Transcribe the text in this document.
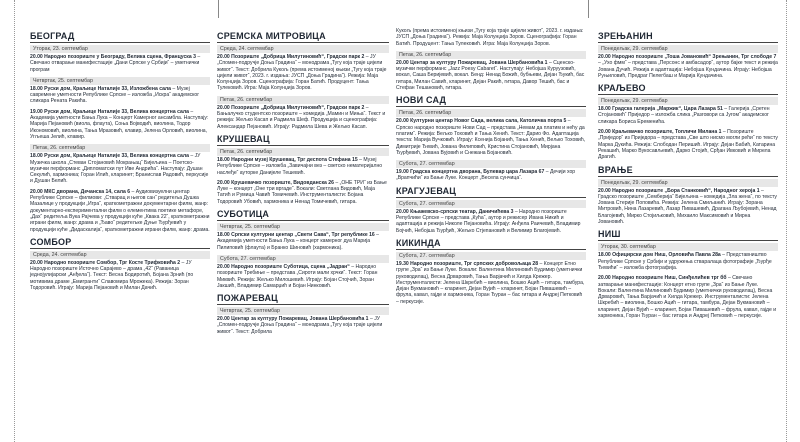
БЕОГРАД
Уторак, 23. септембар
20.00 Народно позориште у Београду, Велика сцена, Француска 3 – Свечано отварање манифестације „Дани Српске у Србији“ – уметнички програм
Четвртак, 25. септембар
18.00 Руски дом, Краљице Наталије 33, Изложбена сала – Музеј савремене уметности Републике Српске – изложба „Искра“ академског сликара Рената Ракића.
19.00 Руски дом, Краљице Наталије 33, Велика концертна сала – Академија уметности Бања Лука – Концерт Камерног ансамбла. Наступају: Марија Пејановић (виола, флаута), Соња Војводић, виолина, Тодор Икономовић, виолина, Тања Мразовић, клавир, Јелена Орловић, виолина, Угљеша Јелић, клавир.
Петак, 26. септембар
18.00 Руски дом, Краљице Наталије 33, Велика концертна сала – ЈУ Музичка школа „Стеван Стојановић Мокрањац“ Бијељина – Поетско-музички перформанс „Дипломатски пут Иве Андрића“. Наступају: Душан Секулић, хармоника; Горан Илић, кларинет; Бранислав Радовић, перкусије и Душан Белић.
20.00 МКС дворана, Дечанска 14, сала 6 – Аудиовизуелни центар Републике Српске – филмови: „Стварац и његов сан“ редитеља Душка Мазалице у продукцији „Игра“, краткометражни документарни филм, жанр: документарно-експериментални филм о елементима поетике метафоре, „Дах“ редитеља Вука Рајчева у продукцији куће „Квака 22“, краткометражни играни филм, жанр: драма и „Ђаво“ редитељке Дуње Ђурђевић у продукцији куће „Дидаскалија“, краткометражни играни филм, жанр: драма.
СОМБОР
Среда, 24. септембар
20.00 Народно позориште Сомбор, Трг Косте Трифковића 2 – ЈУ Народно позориште Источно Сарајево – драма „42“ (Раваница једнојулијарски „Анђела“). Текст: Весна Бодиротић, Бојана Зрнић (по мотивима драме „Емигранти“ Славомира Мрожека). Режија: Зоран Тодоровић. Играју: Марија Пејановић и Милан Дачић.
СРЕМСКА МИТРОВИЦА
Среда, 24. септембар
20.00 Позориште „Добрица Милутиновић“, Градски парк 2 – ЈУ „Спомен-подручје Доња Градина“ – монодрама „Тугу која траје цијели живот“. Текст: Добрила Кукољ (према истоименој књизи „Тугу која траје цијели живот“, 2023. г. издања: ЈУСП „Доња Градина“). Режија: Маја Колунџија Зоров. Сценографија: Горан Батић. Продуцент: Тања Тулековић. Игра: Маја Колунџија Зоров.
Петак, 26. септембар
20.00 Позориште „Добрица Милутиновић“, Градски парк 2 – Бањалучко студентско позориште – комедија „Мамин и Миња“. Текст и режија: Жељко Касап и Радмила Шеф. Продукција и сценографија: Александар Пејановић. Играју: Радмила Шева и Жељко Касап.
КРУШЕВАЦ
Петак, 26. септембар
18.00 Народни музеј Крушевац, Трг деспота Стефана 15 – Музеј Републике Српске – изложба „Завичајни вез – светско нематеријално наслеђе“ ауторке Данијеле Тешевић.
20.00 Крушевачко позориште, Видовданска 26 – „ОНЕ ТРИ“ из Бање Луке – концерт „Оне три вргаде“. Вокали: Светлана Видовић, Маја Татић и Румица Чавић Томичевић. Инструменталисти: Бојана Тодоровић Убовић, хармоника и Ненад Томичевић, гитара.
СУБОТИЦА
Четвртак, 25. септембар
18.00 Српски културни центар „Свети Сава“, Трг републике 16 – Академија уметности Бања Лука – концерт камерног дуа Марија Пилиповић (флаута) и Бранко Шиновић (хармоника).
Субота, 27. септембар
20.00 Народно позориште Суботица, сцена „Јадран“ – Народно позориште Требиње – представа „Сироти мали хрчки“. Текст: Горан Миквић. Режија: Жељко Милошевић. Играју: Бојан Стојчић, Зоран Јакшић, Владимир Самарџић и Бојан Нинковић.
ПОЖАРЕВАЦ
Четвртак, 25. септембар
20.00 Центар за културу Пожаревац, Јована Шербановића 1 – ЈУ „Спомен-подручје Доња Градина“ – монодрама „Тугу која траје цијели живот“. Текст: Добрила
Кукољ (према истоименој књизи „Тугу која траје цијели живот“, 2023. г. издања: ЈУСП „Доња Градина“). Режија: Маја Колунџија Зоров. Сценографија: Горан Батић. Продуцент: Тања Тулековић. Игра: Маја Колунџија Зоров.
Петак, 26. септембар
20.00 Центар за културу Пожаревац, Јована Шербановића 1 – Сценско-музички перформанс „Jazz Poesy Cabaret“. Наступају: Небојша Куруузовић, вокал, Саша Беријевић, вокал. Бенд: Ненад Божић, бубњеви, Дејан Ђукић, бас гитара, Милан Савић, кларинет, Дејан Ракић, гитара, Давор Тешић, бас и Стефан Тешановић, гитара.
НОВИ САД
Петак, 26. септембар
20.00 Културни центар Новог Сада, велика сала, Католичка порта 5 – Српско народно позориште Нови Сад – представа „Немам да платим и нећу да платим“. Режија: Вељко Тоховић и Тања Хенић. Текст: Дарио Фо. Адаптација текста: Марија Вучковић. Играју: Ксенија Бојанић, Тања Хенић, Вељко Тоховић, Димитрије Ђевић, Јована Филиповић, Кристина Стојановић, Мирјана Ђурђевић, Јована Вујовић и Снежана Бојановић.
Субота, 27. септембар
19.00 Градска концертна дворана, Булевар цара Лазара 67 – Дечији хор „Врапчићи“ из Бање Луке. Концерт „Весела сунчица“.
КРАГУЈЕВАЦ
Субота, 27. септембар
20.00 Књажевско-српски театар, Даничићева 3 – Народно позориште Републике Српске – представа „Кућа“, аутор и режисер Ивана Никић и адаптација и режија Николе Пејановића. Играју: Анђела Раичевић, Владимир Бојчић, Небојша Ђурђић, Жељко Стјепановић и Велимир Благојевић.
КИКИНДА
Субота, 27. септембар
19.30 Народно позориште, Трг српских добровољаца 28 – Концерт Етно групе „Зра“ из Бање Луке. Вокали: Валентина Милиновић Будимир (уметнички руководилац), Весна Дрваровић, Тања Варјачић и Хилда Крежер. Инструменталисти: Јелена Шкребић – виолина, Бошко Ацић – гитара, тамбура, Дејан Вукмановић – кларинет, Дејан Вујић – кларинет, Бојан Пивашевић – фрула, кавал, гајде и хармоника, Горан Ђуран – бас гитара и Андреј Петковић – перкусије.
ЗРЕЊАНИН
Понедељак, 29. септембар
20.00 Народно позориште „Тоша Јовановић“ Зрењанин, Трг слободе 7 – „Ухо фмм“ – представа „Персонс и амбасадор“, аутор бајке текст и режија Јована Дучић. Режија и адаптација: Небојша Кундачина. Играју: Небојша Руњиловић, Предраг Пелегбаш и Марија Кундачина.
КРАЉЕВО
Понедељак, 29. септембар
18.00 Градска галерија „Маржик“, Цара Лазара 51 – Галерија „Сретен Стојановић“ Приједор – изложба слика „Разговори са Југом“ академског сликара Бориса Еременића.
20.00 Краљевачко позориште, Топличи Милана 1 – Позориште „Приједор“ из Приједора – представа „Све што нисмо могли рећи“ по тексту Марка Дукића. Режија: Слободан Перишић. Играју: Дејан Бабић, Катарина Рекашић, Марко Вукосављевић, Дарко Стојић, Срђан Ивковић и Мирела Драгић.
ВРАЊЕ
Понедељак, 29. септембар
20.00 Народно позориште „Бора Станковић“, Народног хероја 1 – Градско позориште „Семберија“ Бијељина – комедија „Зла жена“, по тексту Јована Стерије Поповића. Режија: Јелена Смиљанић. Играју: Зорана Митровић, Нина Лазаревић, Лазар Пивашевић, Драгана Љубојевић, Ненад Благојевић, Мирко Стојиљковић, Михаило Максимовић и Мирна Јовановић.
НИШ
Уторак, 30. септембар
18.00 Официрски дом Ниш, Орловића Павла 28а – Представништво Републике Српске у Србији и удружења стваралаца фотографије „Ђурђе Ђевићи“ – изложба фотографија.
20.00 Народно позориште Ниш, Синђелићев трг бб – Свечано затварање манифестације: Концерт етно групе „Зра“ из Бање Луке. Вокали: Валентина Милиновић Будимир (уметнички руководилац), Весна Дрваровић, Тања Варјачић и Хилда Крежер. Инструменталисти: Јелена Шкребић – виолина, Бошко Ацић – гитара, тамбура, Дејан Вукмановић – кларинет, Дејан Вујић – кларинет, Бојан Пивашевић – фрула, кавал, гајде и хармоника, Горан Ђуран – бас гитара и Андреј Петковић – перкусије.
